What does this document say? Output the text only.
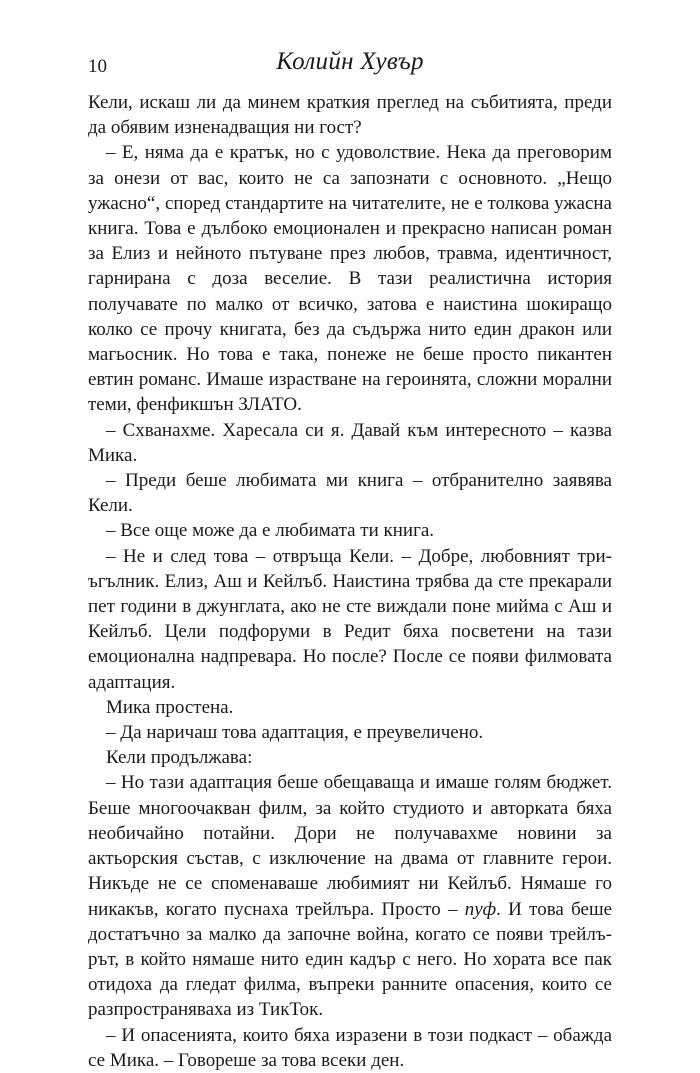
10	Колийн Хувър

Кели, искаш ли да минем краткия преглед на събитията, преди да обявим изненадващия ни гост?

– Е, няма да е кратък, но с удоволствие. Нека да преговорим за онези от вас, които не са запознати с основното. „Нещо ужасно“, според стандартите на читателите, не е толкова ужасна книга. Това е дълбоко емоционален и прекрасно написан роман за Елиз и нейното пътуване през любов, травма, идентичност, гарнирана с доза веселие. В тази реалистична история получавате по малко от всичко, затова е наистина шокиращо колко се прочу книгата, без да съдържа нито един дракон или магьосник. Но това е така, понеже не беше просто пикантен евтин романс. Имаше израстване на героинята, сложни морални теми, фенфикшън ЗЛАТО.

– Схванахме. Харесала си я. Давай към интересното – казва Мика.

– Преди беше любимата ми книга – отбранително заявява Кели.

– Все още може да е любимата ти книга.

– Не и след това – отвръща Кели. – Добре, любовният триъгълник. Елиз, Аш и Кейлъб. Наистина трябва да сте прекарали пет години в джунглата, ако не сте виждали поне миймa с Аш и Кейлъб. Цели подфоруми в Редит бяха посветени на тази емоционална надпревара. Но после? После се появи филмовата адаптация.

Мика простена.

– Да наричаш това адаптация, е преувеличено.

Кели продължава:

– Но тази адаптация беше обещаваща и имаше голям бюджет. Беше многоочакван филм, за който студиото и авторката бяха необичайно потайни. Дори не получавахме новини за актьорския състав, с изключение на двама от главните герои. Никъде не се споменаваше любимият ни Кейлъб. Нямаше го никакъв, когато пуснаха трейлъра. Просто – пуф. И това беше достатъчно за малко да започне война, когато се появи трейлърът, в който нямаше нито един кадър с него. Но хората все пак отидоха да гледат филма, въпреки ранните опасения, които се разпространяваха из ТикТок.

– И опасенията, които бяха изразени в този подкаст – обажда се Мика. – Говореше за това всеки ден.
